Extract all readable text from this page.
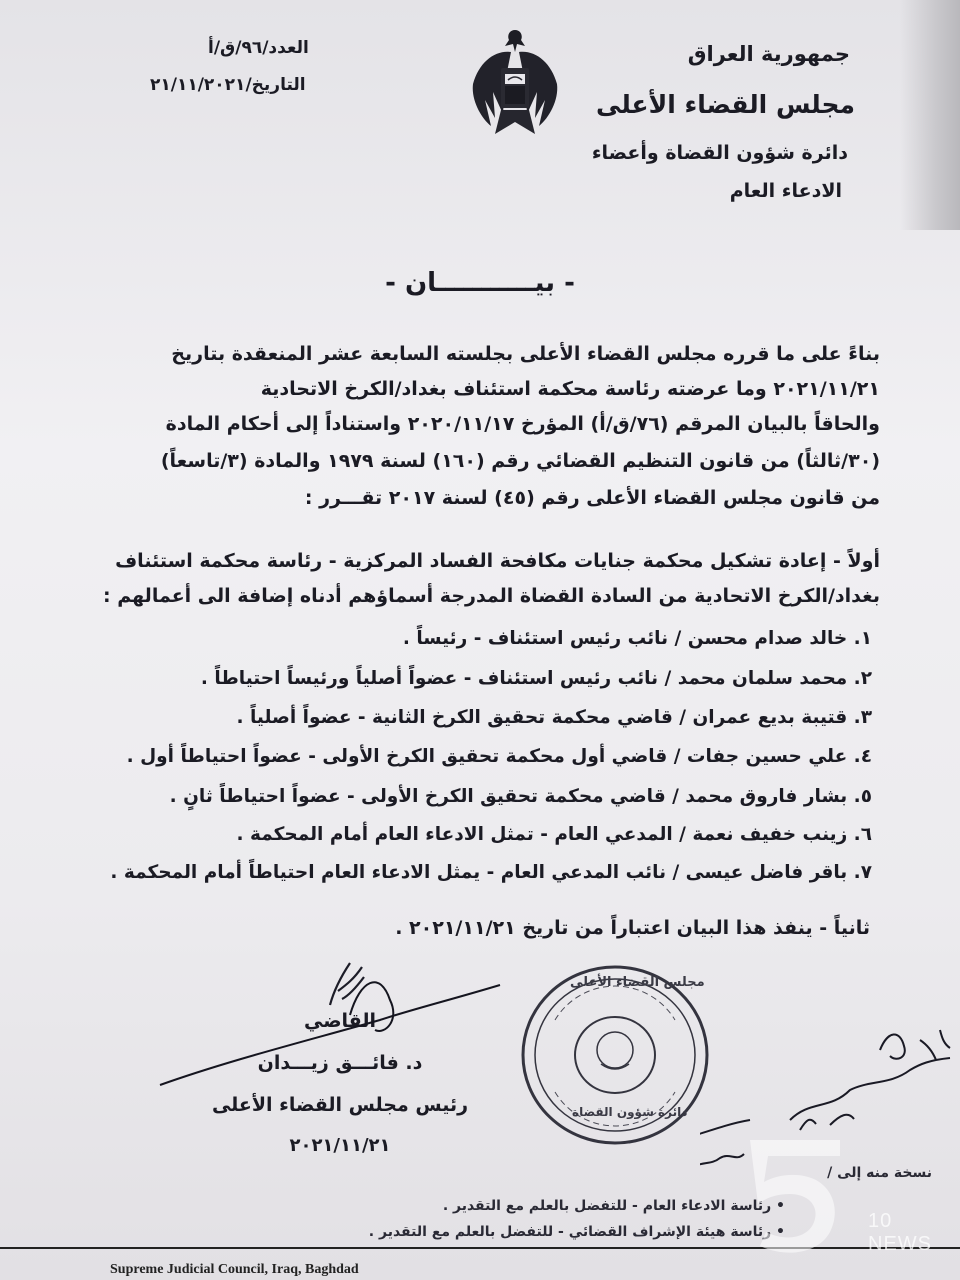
جمهورية العراق
مجلس القضاء الأعلى
دائرة شؤون القضاة وأعضاء
الادعاء العام
العدد/٩٦/ق/أ
التاريخ/٢١/١١/٢٠٢١
- بيـــــــــــان -
بناءً على ما قرره مجلس القضاء الأعلى بجلسته السابعة عشر المنعقدة بتاريخ
٢٠٢١/١١/٢١ وما عرضته رئاسة محكمة استئناف بغداد/الكرخ الاتحادية
والحاقاً بالبيان المرقم (٧٦/ق/أ) المؤرخ ٢٠٢٠/١١/١٧ واستناداً إلى أحكام المادة
(٣٠/ثالثاً) من قانون التنظيم القضائي رقم (١٦٠) لسنة ١٩٧٩ والمادة (٣/تاسعاً)
من قانون مجلس القضاء الأعلى رقم (٤٥) لسنة ٢٠١٧ تقـــرر :
أولاً - إعادة تشكيل محكمة جنايات مكافحة الفساد المركزية - رئاسة محكمة استئناف
بغداد/الكرخ الاتحادية من السادة القضاة المدرجة أسماؤهم أدناه إضافة الى أعمالهم :
١. خالد صدام محسن / نائب رئيس استئناف - رئيساً .
٢. محمد سلمان محمد / نائب رئيس استئناف - عضواً أصلياً ورئيساً احتياطاً .
٣. قتيبة بديع عمران / قاضي محكمة تحقيق الكرخ الثانية - عضواً أصلياً .
٤. علي حسين جفات / قاضي أول محكمة تحقيق الكرخ الأولى - عضواً احتياطاً أول .
٥. بشار فاروق محمد / قاضي محكمة تحقيق الكرخ الأولى - عضواً احتياطاً ثانٍ .
٦. زينب خفيف نعمة / المدعي العام - تمثل الادعاء العام أمام المحكمة .
٧. باقر فاضل عيسى / نائب المدعي العام - يمثل الادعاء العام احتياطاً أمام المحكمة .
ثانياً - ينفذ هذا البيان اعتباراً من تاريخ ٢٠٢١/١١/٢١ .
القاضي
د. فائـــق زيـــدان
رئيس مجلس القضاء الأعلى
٢٠٢١/١١/٢١
مجلس القضاء الأعلى
دائرة شؤون القضاة
نسخة منه إلى /
• رئاسة الادعاء العام - للتفضل بالعلم مع التقدير .
• رئاسة هيئة الإشراف القضائي - للتفضل بالعلم مع التقدير .
Supreme Judicial Council, Iraq, Baghdad
10 NEWS
